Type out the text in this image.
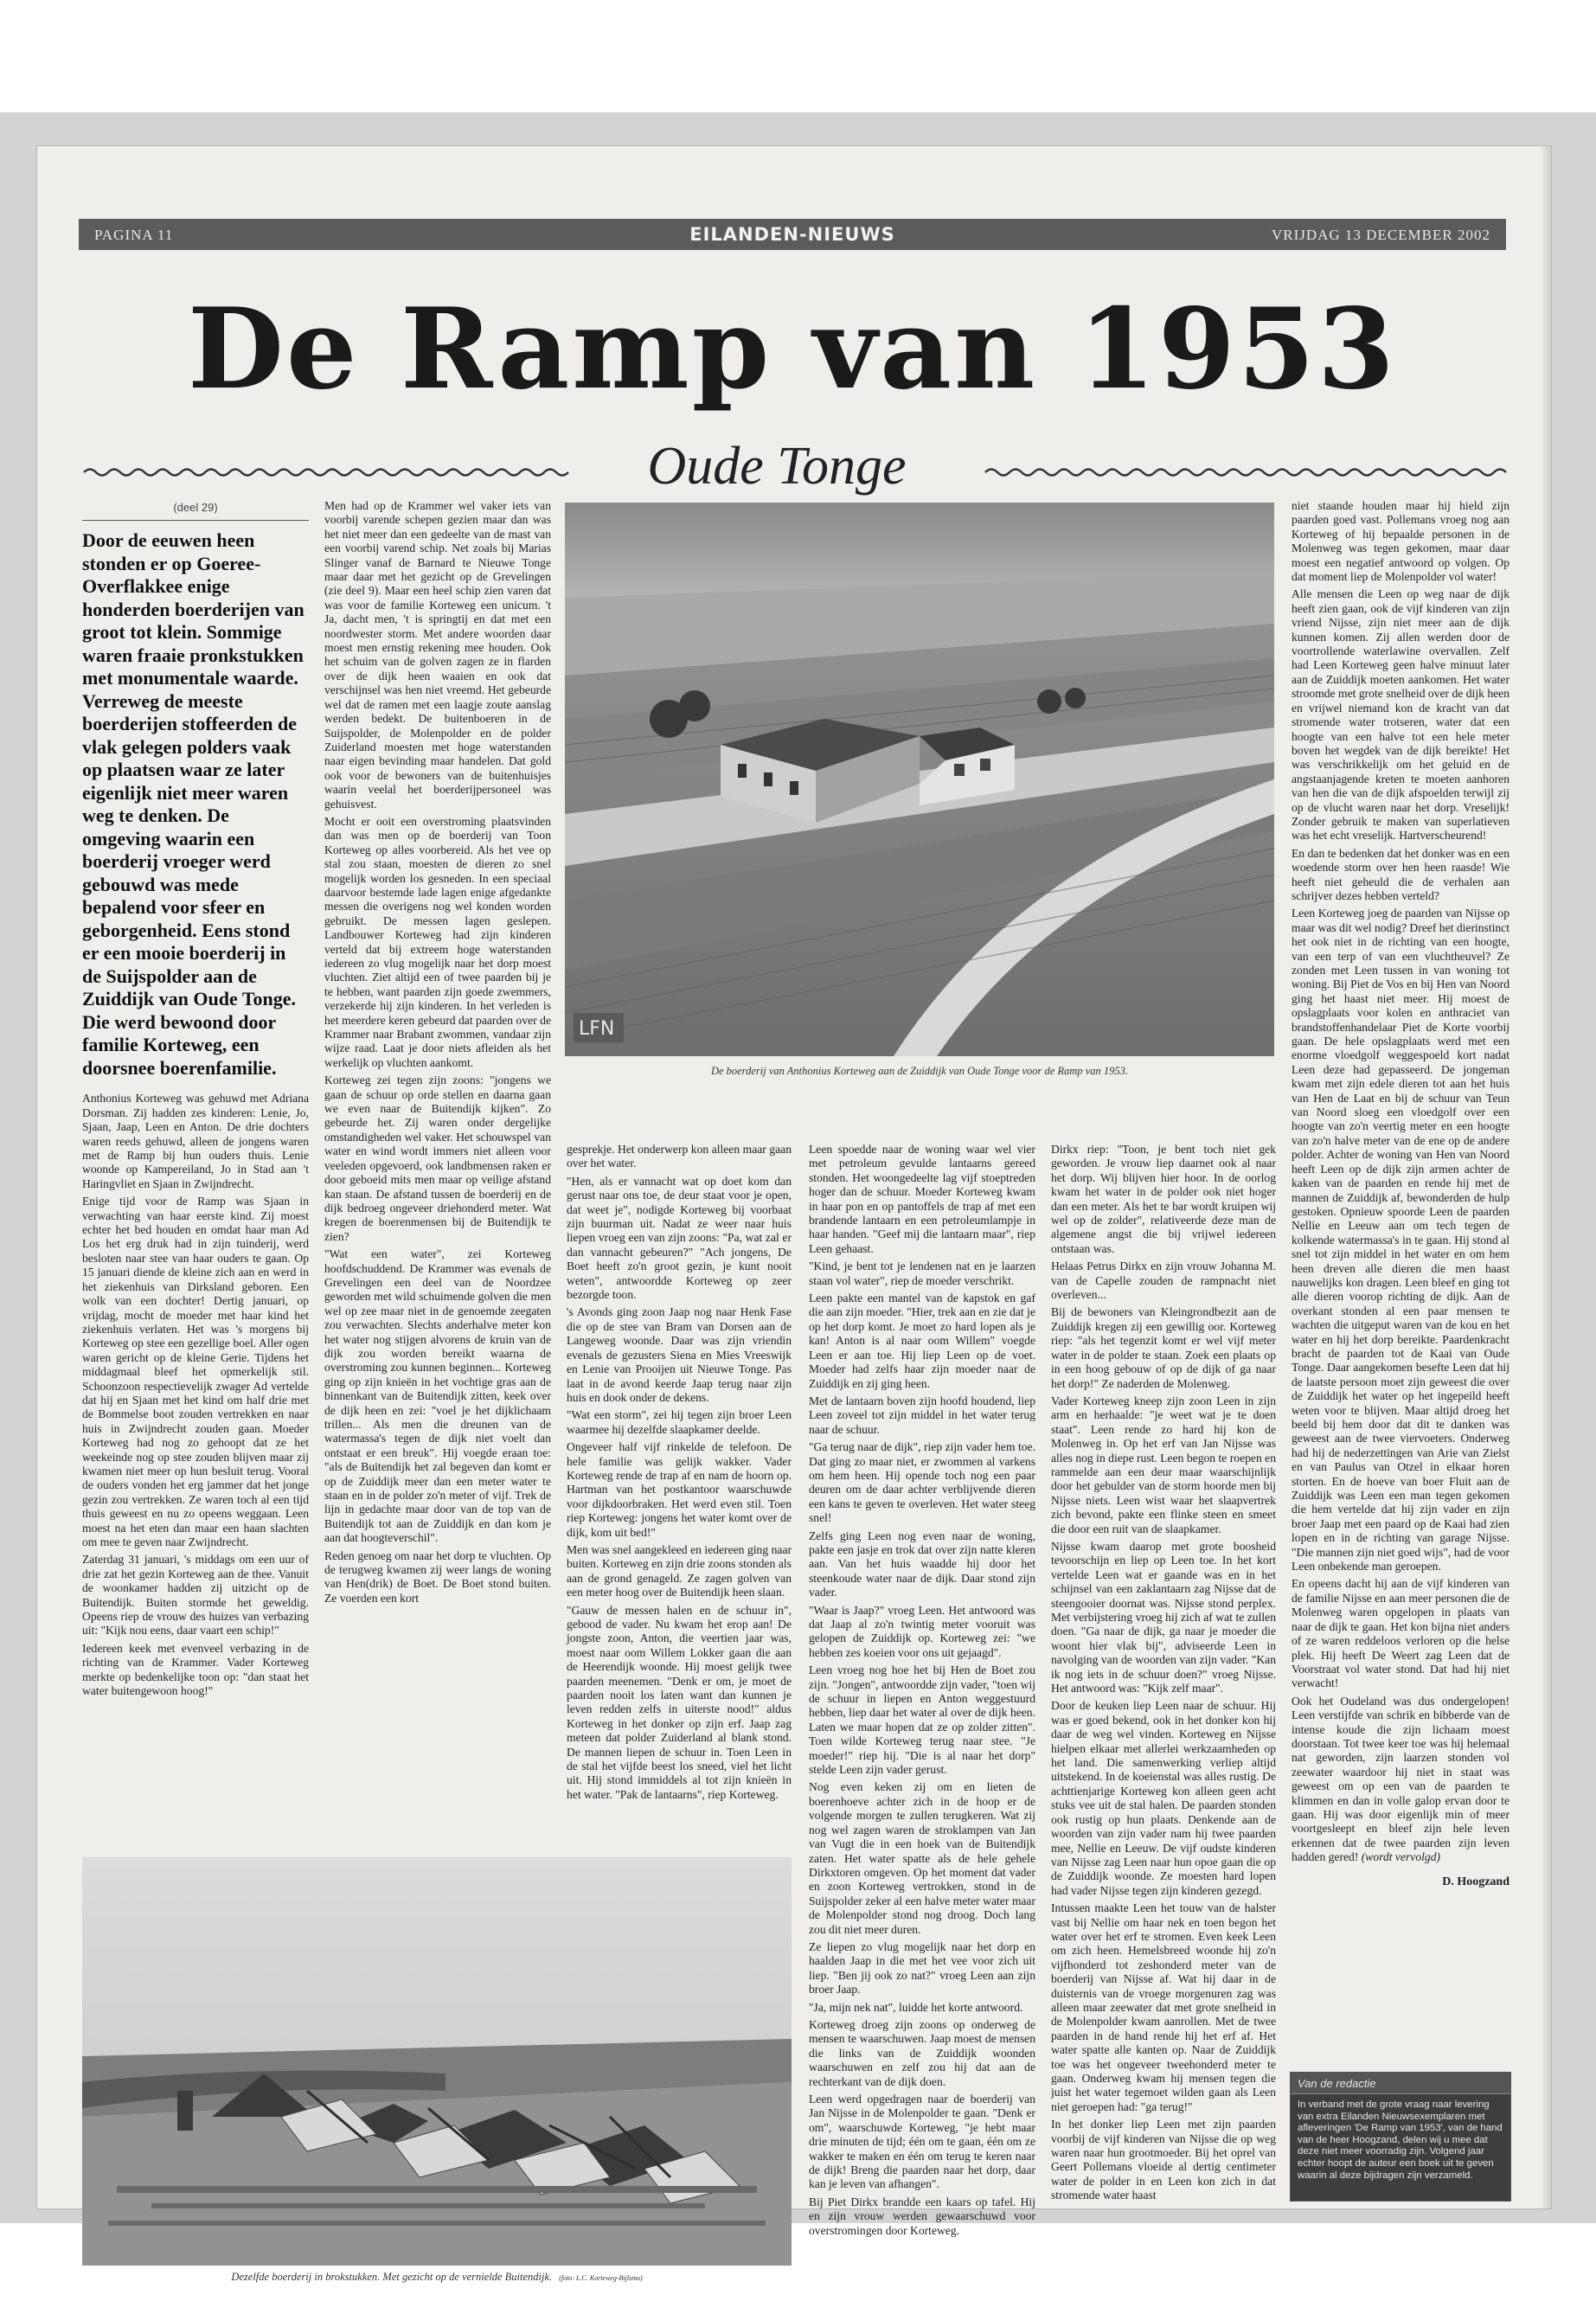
PAGINA 11	EILANDEN-NIEUWS	VRIJDAG 13 DECEMBER 2002
De Ramp van 1953
Oude Tonge
(deel 29)
Door de eeuwen heen stonden er op Goeree-Overflakkee enige honderden boerderijen van groot tot klein. Sommige waren fraaie pronkstukken met monumentale waarde. Verreweg de meeste boerderijen stoffeerden de vlak gelegen polders vaak op plaatsen waar ze later eigenlijk niet meer waren weg te denken. De omgeving waarin een boerderij vroeger werd gebouwd was mede bepalend voor sfeer en geborgenheid. Eens stond er een mooie boerderij in de Suijspolder aan de Zuiddijk van Oude Tonge. Die werd bewoond door familie Korteweg, een doorsnee boerenfamilie.

Anthonius Korteweg was gehuwd met Adriana Dorsman. Zij hadden zes kinderen: Lenie, Jo, Sjaan, Jaap, Leen en Anton. De drie dochters waren reeds gehuwd, alleen de jongens waren met de Ramp bij hun ouders thuis. Lenie woonde op Kampereiland, Jo in Stad aan 't Haringvliet en Sjaan in Zwijndrecht.

Enige tijd voor de Ramp was Sjaan in verwachting van haar eerste kind. Zij moest echter het bed houden en omdat haar man Ad Los het erg druk had in zijn tuinderij, werd besloten naar stee van haar ouders te gaan. Op 15 januari diende de kleine zich aan en werd in het ziekenhuis van Dirksland geboren. Een wolk van een dochter! Dertig januari, op vrijdag, mocht de moeder met haar kind het ziekenhuis verlaten. Het was 's morgens bij Korteweg op stee een gezellige boel. Aller ogen waren gericht op de kleine Gerie. Tijdens het middagmaal bleef het opmerkelijk stil. Schoonzoon respectievelijk zwager Ad vertelde dat hij en Sjaan met het kind om half drie met de Bommelse boot zouden vertrekken en naar huis in Zwijndrecht zouden gaan. Moeder Korteweg had nog zo gehoopt dat ze het weekeinde nog op stee zouden blijven maar zij kwamen niet meer op hun besluit terug. Vooral de ouders vonden het erg jammer dat het jonge gezin zou vertrekken. Ze waren toch al een tijd thuis geweest en nu zo opeens weggaan. Leen moest na het eten dan maar een haan slachten om mee te geven naar Zwijndrecht.

Zaterdag 31 januari, 's middags om een uur of drie zat het gezin Korteweg aan de thee. Vanuit de woonkamer hadden zij uitzicht op de Buitendijk. Buiten stormde het geweldig. Opeens riep de vrouw des huizes van verbazing uit: "Kijk nou eens, daar vaart een schip!"

Iedereen keek met evenveel verbazing in de richting van de Krammer. Vader Korteweg merkte op bedenkelijke toon op: "dan staat het water buitengewoon hoog!"

Men had op de Krammer wel vaker iets van voorbij varende schepen gezien maar dan was het niet meer dan een gedeelte van de mast van een voorbij varend schip. Net zoals bij Marias Slinger vanaf de Barnard te Nieuwe Tonge maar daar met het gezicht op de Grevelingen (zie deel 9). Maar een heel schip zien varen dat was voor de familie Korteweg een unicum. 't Ja, dacht men, 't is springtij en dat met een noordwester storm. Met andere woorden daar moest men ernstig rekening mee houden. Ook het schuim van de golven zagen ze in flarden over de dijk heen waaien en ook dat verschijnsel was hen niet vreemd. Het gebeurde wel dat de ramen met een laagje zoute aanslag werden bedekt. De buitenboeren in de Suijspolder, de Molenpolder en de polder Zuiderland moesten met hoge waterstanden naar eigen bevinding maar handelen. Dat gold ook voor de bewoners van de buitenhuisjes waarin veelal het boerderijpersoneel was gehuisvest.

Mocht er ooit een overstroming plaatsvinden dan was men op de boerderij van Toon Korteweg op alles voorbereid. Als het vee op stal zou staan, moesten de dieren zo snel mogelijk worden los gesneden. In een speciaal daarvoor bestemde lade lagen enige afgedankte messen die overigens nog wel konden worden gebruikt. De messen lagen geslepen. Landbouwer Korteweg had zijn kinderen verteld dat bij extreem hoge waterstanden iedereen zo vlug mogelijk naar het dorp moest vluchten. Ziet altijd een of twee paarden bij je te hebben, want paarden zijn goede zwemmers, verzekerde hij zijn kinderen. In het verleden is het meerdere keren gebeurd dat paarden over de Krammer naar Brabant zwommen, vandaar zijn wijze raad. Laat je door niets afleiden als het werkelijk op vluchten aankomt.

Korteweg zei tegen zijn zoons: "jongens we gaan de schuur op orde stellen en daarna gaan we even naar de Buitendijk kijken". Zo gebeurde het. Zij waren onder dergelijke omstandigheden wel vaker. Het schouwspel van water en wind wordt immers niet alleen voor veeleden opgevoerd, ook landbmensen raken er door geboeid mits men maar op veilige afstand kan staan. De afstand tussen de boerderij en de dijk bedroeg ongeveer driehonderd meter. Wat kregen de boerenmensen bij de Buitendijk te zien?

"Wat een water", zei Korteweg hoofdschuddend. De Krammer was evenals de Grevelingen een deel van de Noordzee geworden met wild schuimende golven die men wel op zee maar niet in de genoemde zeegaten zou verwachten. Slechts anderhalve meter kon het water nog stijgen alvorens de kruin van de dijk zou worden bereikt waarna de overstroming zou kunnen beginnen... Korteweg ging op zijn knieën in het vochtige gras aan de binnenkant van de Buitendijk zitten, keek over de dijk heen en zei: "voel je het dijklichaam trillen... Als men die dreunen van de watermassa's tegen de dijk niet voelt dan ontstaat er een breuk". Hij voegde eraan toe: "als de Buitendijk het zal begeven dan komt er op de Zuiddijk meer dan een meter water te staan en in de polder zo'n meter of vijf. Trek de lijn in gedachte maar door van de top van de Buitendijk tot aan de Zuiddijk en dan kom je aan dat hoogteverschil".

Reden genoeg om naar het dorp te vluchten. Op de terugweg kwamen zij weer langs de woning van Hen(drik) de Boet. De Boet stond buiten. Ze voerden een kort

LFN
De boerderij van Anthonius Korteweg aan de Zuiddijk van Oude Tonge voor de Ramp van 1953.

gesprekje. Het onderwerp kon alleen maar gaan over het water.

"Hen, als er vannacht wat op doet kom dan gerust naar ons toe, de deur staat voor je open, dat weet je", nodigde Korteweg bij voorbaat zijn buurman uit. Nadat ze weer naar huis liepen vroeg een van zijn zoons: "Pa, wat zal er dan vannacht gebeuren?" "Ach jongens, De Boet heeft zo'n groot gezin, je kunt nooit weten", antwoordde Korteweg op zeer bezorgde toon.

's Avonds ging zoon Jaap nog naar Henk Fase die op de stee van Bram van Dorsen aan de Langeweg woonde. Daar was zijn vriendin evenals de gezusters Siena en Mies Vreeswijk en Lenie van Prooijen uit Nieuwe Tonge. Pas laat in de avond keerde Jaap terug naar zijn huis en dook onder de dekens.

"Wat een storm", zei hij tegen zijn broer Leen waarmee hij dezelfde slaapkamer deelde.

Ongeveer half vijf rinkelde de telefoon. De hele familie was gelijk wakker. Vader Korteweg rende de trap af en nam de hoorn op. Hartman van het postkantoor waarschuwde voor dijkdoorbraken. Het werd even stil. Toen riep Korteweg: jongens het water komt over de dijk, kom uit bed!"

Men was snel aangekleed en iedereen ging naar buiten. Korteweg en zijn drie zoons stonden als aan de grond genageld. Ze zagen golven van een meter hoog over de Buitendijk heen slaan.

"Gauw de messen halen en de schuur in", gebood de vader. Nu kwam het erop aan! De jongste zoon, Anton, die veertien jaar was, moest naar oom Willem Lokker gaan die aan de Heerendijk woonde. Hij moest gelijk twee paarden meenemen. "Denk er om, je moet de paarden nooit los laten want dan kunnen je leven redden zelfs in uiterste nood!" aldus Korteweg in het donker op zijn erf. Jaap zag meteen dat polder Zuiderland al blank stond. De mannen liepen de schuur in. Toen Leen in de stal het vijfde beest los sneed, viel het licht uit. Hij stond immiddels al tot zijn knieën in het water. "Pak de lantaarns", riep Korteweg.

Leen spoedde naar de woning waar wel vier met petroleum gevulde lantaarns gereed stonden. Het woongedeelte lag vijf stoeptreden hoger dan de schuur. Moeder Korteweg kwam in haar pon en op pantoffels de trap af met een brandende lantaarn en een petroleumlampje in haar handen. "Geef mij die lantaarn maar", riep Leen gehaast.

"Kind, je bent tot je lendenen nat en je laarzen staan vol water", riep de moeder verschrikt.

Leen pakte een mantel van de kapstok en gaf die aan zijn moeder. "Hier, trek aan en zie dat je op het dorp komt. Je moet zo hard lopen als je kan! Anton is al naar oom Willem" voegde Leen er aan toe. Hij liep Leen op de voet. Moeder had zelfs haar zijn moeder naar de Zuiddijk en zij ging heen.

Met de lantaarn boven zijn hoofd houdend, liep Leen zoveel tot zijn middel in het water terug naar de schuur.

"Ga terug naar de dijk", riep zijn vader hem toe. Dat ging zo maar niet, er zwommen al varkens om hem heen. Hij opende toch nog een paar deuren om de daar achter verblijvende dieren een kans te geven te overleven. Het water steeg snel!

Zelfs ging Leen nog even naar de woning, pakte een jasje en trok dat over zijn natte kleren aan. Van het huis waadde hij door het steenkoude water naar de dijk. Daar stond zijn vader.

"Waar is Jaap?" vroeg Leen. Het antwoord was dat Jaap al zo'n twintig meter vooruit was gelopen de Zuiddijk op. Korteweg zei: "we hebben zes koeien voor ons uit gejaagd".

Leen vroeg nog hoe het bij Hen de Boet zou zijn. "Jongen", antwoordde zijn vader, "toen wij de schuur in liepen en Anton weggestuurd hebben, liep daar het water al over de dijk heen. Laten we maar hopen dat ze op zolder zitten". Toen wilde Korteweg terug naar stee. "Je moeder!" riep hij. "Die is al naar het dorp" stelde Leen zijn vader gerust.

Nog even keken zij om en lieten de boerenhoeve achter zich in de hoop er de volgende morgen te zullen terugkeren. Wat zij nog wel zagen waren de stroklampen van Jan van Vugt die in een hoek van de Buitendijk zaten. Het water spatte als de hele gehele Dirkxtoren omgeven. Op het moment dat vader en zoon Korteweg vertrokken, stond in de Suijspolder zeker al een halve meter water maar de Molenpolder stond nog droog. Doch lang zou dit niet meer duren.

Ze liepen zo vlug mogelijk naar het dorp en haalden Jaap in die met het vee voor zich uit liep. "Ben jij ook zo nat?" vroeg Leen aan zijn broer Jaap.

"Ja, mijn nek nat", luidde het korte antwoord.

Korteweg droeg zijn zoons op onderweg de mensen te waarschuwen. Jaap moest de mensen die links van de Zuiddijk woonden waarschuwen en zelf zou hij dat aan de rechterkant van de dijk doen.

Leen werd opgedragen naar de boerderij van Jan Nijsse in de Molenpolder te gaan. "Denk er om", waarschuwde Korteweg, "je hebt maar drie minuten de tijd; één om te gaan, één om ze wakker te maken en één om terug te keren naar de dijk! Breng die paarden naar het dorp, daar kan je leven van afhangen".

Bij Piet Dirkx brandde een kaars op tafel. Hij en zijn vrouw werden gewaarschuwd voor overstromingen door Korteweg.

Dirkx riep: "Toon, je bent toch niet gek geworden. Je vrouw liep daarnet ook al naar het dorp. Wij blijven hier hoor. In de oorlog kwam het water in de polder ook niet hoger dan een meter. Als het te bar wordt kruipen wij wel op de zolder", relativeerde deze man de algemene angst die bij vrijwel iedereen ontstaan was.

Helaas Petrus Dirkx en zijn vrouw Johanna M. van de Capelle zouden de rampnacht niet overleven...

Bij de bewoners van Kleingrondbezit aan de Zuiddijk kregen zij een gewillig oor. Korteweg riep: "als het tegenzit komt er wel vijf meter water in de polder te staan. Zoek een plaats op in een hoog gebouw of op de dijk of ga naar het dorp!" Ze naderden de Molenweg.

Vader Korteweg kneep zijn zoon Leen in zijn arm en herhaalde: "je weet wat je te doen staat". Leen rende zo hard hij kon de Molenweg in. Op het erf van Jan Nijsse was alles nog in diepe rust. Leen begon te roepen en rammelde aan een deur maar waarschijnlijk door het gebulder van de storm hoorde men bij Nijsse niets. Leen wist waar het slaapvertrek zich bevond, pakte een flinke steen en smeet die door een ruit van de slaapkamer.

Nijsse kwam daarop met grote boosheid tevoorschijn en liep op Leen toe. In het kort vertelde Leen wat er gaande was en in het schijnsel van een zaklantaarn zag Nijsse dat de steengooier doornat was. Nijsse stond perplex. Met verbijstering vroeg hij zich af wat te zullen doen. "Ga naar de dijk, ga naar je moeder die woont hier vlak bij", adviseerde Leen in navolging van de woorden van zijn vader. "Kan ik nog iets in de schuur doen?" vroeg Nijsse. Het antwoord was: "Kijk zelf maar".

Door de keuken liep Leen naar de schuur. Hij was er goed bekend, ook in het donker kon hij daar de weg wel vinden. Korteweg en Nijsse hielpen elkaar met allerlei werkzaamheden op het land. Die samenwerking verliep altijd uitstekend. In de koeienstal was alles rustig. De achttienjarige Korteweg kon alleen geen acht stuks vee uit de stal halen. De paarden stonden ook rustig op hun plaats. Denkende aan de woorden van zijn vader nam hij twee paarden mee, Nellie en Leeuw. De vijf oudste kinderen van Nijsse zag Leen naar hun opoe gaan die op de Zuiddijk woonde. Ze moesten hard lopen had vader Nijsse tegen zijn kinderen gezegd.

Intussen maakte Leen het touw van de halster vast bij Nellie om haar nek en toen begon het water over het erf te stromen. Even keek Leen om zich heen. Hemelsbreed woonde hij zo'n vijfhonderd tot zeshonderd meter van de boerderij van Nijsse af. Wat hij daar in de duisternis van de vroege morgenuren zag was alleen maar zeewater dat met grote snelheid in de Molenpolder kwam aanrollen. Met de twee paarden in de hand rende hij het erf af. Het water spatte alle kanten op. Naar de Zuiddijk toe was het ongeveer tweehonderd meter te gaan. Onderweg kwam hij mensen tegen die juist het water tegemoet wilden gaan als Leen niet geroepen had: "ga terug!"

In het donker liep Leen met zijn paarden voorbij de vijf kinderen van Nijsse die op weg waren naar hun grootmoeder. Bij het oprel van Geert Pollemans vloeide al dertig centimeter water de polder in en Leen kon zich in dat stromende water haast

niet staande houden maar hij hield zijn paarden goed vast. Pollemans vroeg nog aan Korteweg of hij bepaalde personen in de Molenweg was tegen gekomen, maar daar moest een negatief antwoord op volgen. Op dat moment liep de Molenpolder vol water!

Alle mensen die Leen op weg naar de dijk heeft zien gaan, ook de vijf kinderen van zijn vriend Nijsse, zijn niet meer aan de dijk kunnen komen. Zij allen werden door de voortrollende waterlawine overvallen. Zelf had Leen Korteweg geen halve minuut later aan de Zuiddijk moeten aankomen. Het water stroomde met grote snelheid over de dijk heen en vrijwel niemand kon de kracht van dat stromende water trotseren, water dat een hoogte van een halve tot een hele meter boven het wegdek van de dijk bereikte! Het was verschrikkelijk om het geluid en de angstaanjagende kreten te moeten aanhoren van hen die van de dijk afspoelden terwijl zij op de vlucht waren naar het dorp. Vreselijk! Zonder gebruik te maken van superlatieven was het echt vreselijk. Hartverscheurend!

En dan te bedenken dat het donker was en een woedende storm over hen heen raasde! Wie heeft niet geheuld die de verhalen aan schrijver dezes hebben verteld?

Leen Korteweg joeg de paarden van Nijsse op maar was dit wel nodig? Dreef het dierinstinct het ook niet in de richting van een hoogte, van een terp of van een vluchtheuvel? Ze zonden met Leen tussen in van woning tot woning. Bij Piet de Vos en bij Hen van Noord ging het haast niet meer. Hij moest de opslagplaats voor kolen en anthraciet van brandstoffenhandelaar Piet de Korte voorbij gaan. De hele opslagplaats werd met een enorme vloedgolf weggespoeld kort nadat Leen deze had gepasseerd. De jongeman kwam met zijn edele dieren tot aan het huis van Hen de Laat en bij de schuur van Teun van Noord sloeg een vloedgolf over een hoogte van zo'n veertig meter en een hoogte van zo'n halve meter van de ene op de andere polder. Achter de woning van Hen van Noord heeft Leen op de dijk zijn armen achter de kaken van de paarden en rende hij met de mannen de Zuiddijk af, bewonderden de hulp gestoken. Opnieuw spoorde Leen de paarden Nellie en Leeuw aan om tech tegen de kolkende watermassa's in te gaan. Hij stond al snel tot zijn middel in het water en om hem heen dreven alle dieren die men haast nauwelijks kon dragen. Leen bleef en ging tot alle dieren voorop richting de dijk. Aan de overkant stonden al een paar mensen te wachten die uitgeput waren van de kou en het water en hij het dorp bereikte. Paardenkracht bracht de paarden tot de Kaai van Oude Tonge. Daar aangekomen besefte Leen dat hij de laatste persoon moet zijn geweest die over de Zuiddijk het water op het ingepeild heeft weten voor te blijven. Maar altijd droeg het beeld bij hem door dat dit te danken was geweest aan de twee viervoeters. Onderweg had hij de nederzettingen van Arie van Zielst en van Paulus van Otzel in elkaar horen storten. En de hoeve van boer Fluit aan de Zuiddijk was Leen een man tegen gekomen die hem vertelde dat hij zijn vader en zijn broer Jaap met een paard op de Kaai had zien lopen en in de richting van garage Nijsse. "Die mannen zijn niet goed wijs", had de voor Leen onbekende man geroepen.

En opeens dacht hij aan de vijf kinderen van de familie Nijsse en aan meer personen die de Molenweg waren opgelopen in plaats van naar de dijk te gaan. Het kon bijna niet anders of ze waren reddeloos verloren op die helse plek. Hij heeft De Weert zag Leen dat de Voorstraat vol water stond. Dat had hij niet verwacht!

Ook het Oudeland was dus ondergelopen! Leen verstijfde van schrik en bibberde van de intense koude die zijn lichaam moest doorstaan. Tot twee keer toe was hij helemaal nat geworden, zijn laarzen stonden vol zeewater waardoor hij niet in staat was geweest om op een van de paarden te klimmen en dan in volle galop ervan door te gaan. Hij was door eigenlijk min of meer voortgesleept en bleef zijn hele leven erkennen dat de twee paarden zijn leven hadden gered! (wordt vervolgd)

D. Hoogzand
Dezelfde boerderij in brokstukken. Met gezicht op de vernielde Buitendijk. (foto: L.C. Korteweg-Bijlsma)
Van de redactie
In verband met de grote vraag naar levering van extra Eilanden Nieuwsexemplaren met afleveringen 'De Ramp van 1953', van de hand van de heer Hoogzand, delen wij u mee dat deze niet meer voorradig zijn. Volgend jaar echter hoopt de auteur een boek uit te geven waarin al deze bijdragen zijn verzameld.
